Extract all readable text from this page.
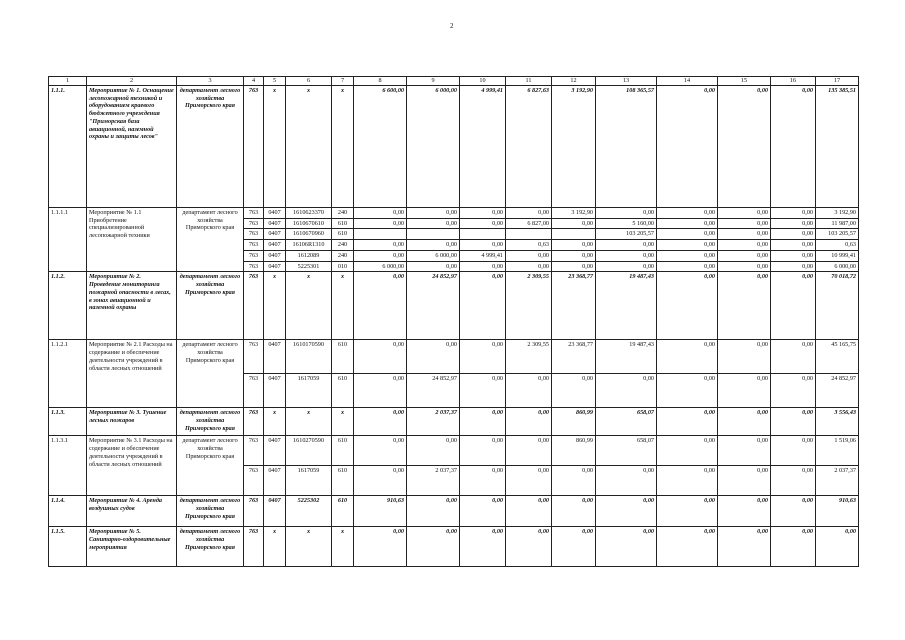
2
1	2	3	4	5	6	7	8	9	10	11	12	13	14	15	16	17
1.1.1.	Мероприятие № 1. Оснащение лесопожарной техникой и оборудованием краевого бюджетного учреждения "Приморская база авиационной, наземной охраны и защиты лесов"	департамент лесного хозяйства Приморского края	763	х	х	х	6 600,00	6 000,00	4 999,41	6 827,63	3 192,90	108 365,57	0,00	0,00	0,00	135 385,51
1.1.1.1	Мероприятие № 1.1 Приобретение специализированной лесопожарной техники	департамент лесного хозяйства Приморского края	763	0407	1610623370	240	0,00	0,00	0,00	0,00	3 192,90	0,00	0,00	0,00	0,00	3 192,90
			763	0407	1610670610	610	0,00	0,00	0,00	6 827,00	0,00	5 160,00	0,00	0,00	0,00	11 987,00
			763	0407	1610670960	610						103 205,57	0,00	0,00	0,00	103 205,57
			763	0407	16106R1310	240	0,00	0,00	0,00	0,63	0,00	0,00	0,00	0,00	0,00	0,63
			763	0407	1612089	240	0,00	6 000,00	4 999,41	0,00	0,00	0,00	0,00	0,00	0,00	10 999,41
			763	0407	5225301	010	6 000,00	0,00	0,00	0,00	0,00	0,00	0,00	0,00	0,00	6 000,00
1.1.2.	Мероприятие № 2. Проведение мониторинга пожарной опасности в лесах, в зонах авиационной и наземной охраны	департамент лесного хозяйства Приморского края	763	х	х	х	0,00	24 852,97	0,00	2 309,55	23 368,77	19 487,43	0,00	0,00	0,00	70 018,72
1.1.2.1	Мероприятие № 2.1 Расходы на содержание и обеспечение деятельности учреждений в области лесных отношений	департамент лесного хозяйства Приморского края	763	0407	1610170590	610	0,00	0,00	0,00	2 309,55	23 368,77	19 487,43	0,00	0,00	0,00	45 165,75
			763	0407	1617059	610	0,00	24 852,97	0,00	0,00	0,00	0,00	0,00	0,00	0,00	24 852,97
1.1.3.	Мероприятие № 3. Тушение лесных пожаров	департамент лесного хозяйства Приморского края	763	х	х	х	0,00	2 037,37	0,00	0,00	860,99	658,07	0,00	0,00	0,00	3 556,43
1.1.3.1	Мероприятие № 3.1 Расходы на содержание и обеспечение деятельности учреждений в области лесных отношений	департамент лесного хозяйства Приморского края	763	0407	1610270590	610	0,00	0,00	0,00	0,00	860,99	658,07	0,00	0,00	0,00	1 519,06
			763	0407	1617059	610	0,00	2 037,37	0,00	0,00	0,00	0,00	0,00	0,00	0,00	2 037,37
1.1.4.	Мероприятие № 4. Аренда воздушных судов	департамент лесного хозяйства Приморского края	763	0407	5225302	610	910,63	0,00	0,00	0,00	0,00	0,00	0,00	0,00	0,00	910,63
1.1.5.	Мероприятие № 5. Санитарно-оздоровительные мероприятия	департамент лесного хозяйства Приморского края	763	х	х	х	0,00	0,00	0,00	0,00	0,00	0,00	0,00	0,00	0,00	0,00
